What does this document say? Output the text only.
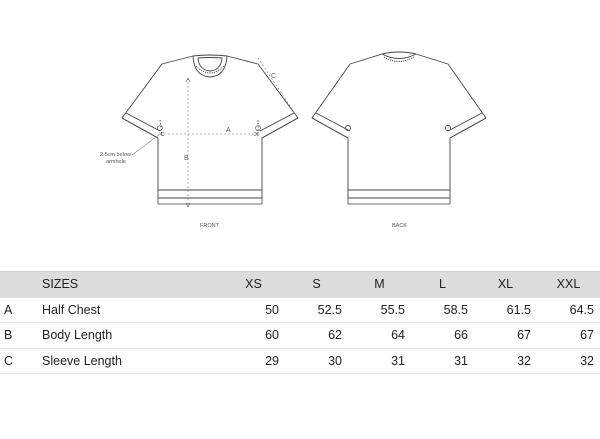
A
B
C
2.5cm below
armhole
FRONT	BACK
	SIZES	XS	S	M	L	XL	XXL
A	Half Chest	50	52.5	55.5	58.5	61.5	64.5
B	Body Length	60	62	64	66	67	67
C	Sleeve Length	29	30	31	31	32	32
